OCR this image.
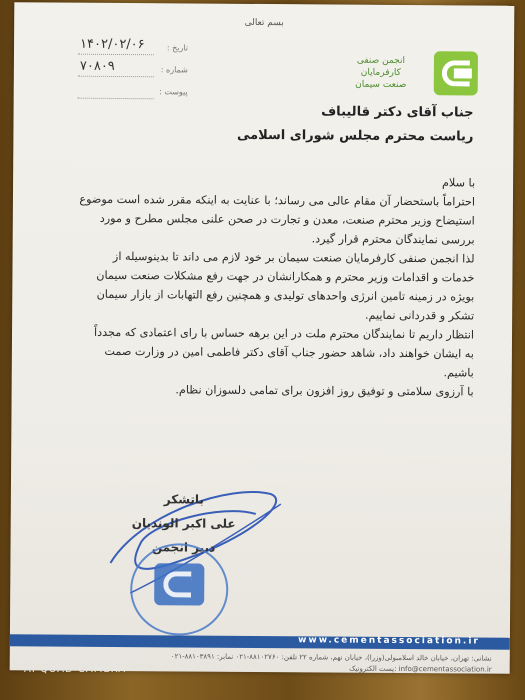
بسم تعالی
تاریخ :
۱۴۰۲/۰۲/۰۶
شماره :
۷۰۸۰۹
پیوست :
انجمن صنفی
کارفرمایان
صنعت سیمان
جناب آقای دکتر قالیباف
ریاست محترم مجلس شورای اسلامی

با سلام

احتراماً باستحضار آن مقام عالی می رساند؛ با عنایت به اینکه مقرر شده است موضوع

استیضاح وزیر محترم صنعت، معدن و تجارت در صحن علنی مجلس مطرح و مورد

بررسی نمایندگان محترم قرار گیرد.

لذا انجمن صنفی کارفرمایان صنعت سیمان بر خود لازم می داند تا بدینوسیله از

خدمات و اقدامات وزیر محترم و همکارانشان در جهت رفع مشکلات صنعت سیمان

بویژه در زمینه تامین انرژی واحدهای تولیدی و همچنین رفع التهابات از بازار سیمان

تشکر و قدردانی نماییم.

انتظار داریم تا نمایندگان محترم ملت در این برهه حساس با رای اعتمادی که مجدداً

به ایشان خواهند داد، شاهد حضور جناب آقای دکتر فاطمی امین در وزارت صمت

باشیم.

با آرزوی سلامتی و توفیق روز افزون برای تمامی دلسوزان نظام.

باتشکر
علی اکبر الوندیان
دبیر انجمن
www.cementassociation.ir
نشانی: تهران، خیابان خالد اسلامبولی(وزرا)، خیابان نهم، شماره ۲۲ تلفن: ۸۸۱۰۲۷۶۰-۰۲۱ نمابر: ۸۸۱۰۳۸۹۱-۰۲۱
info@cementassociation.ir :پست الکترونیک
REDMI NOTE 8
AI QUAD CAMERA
